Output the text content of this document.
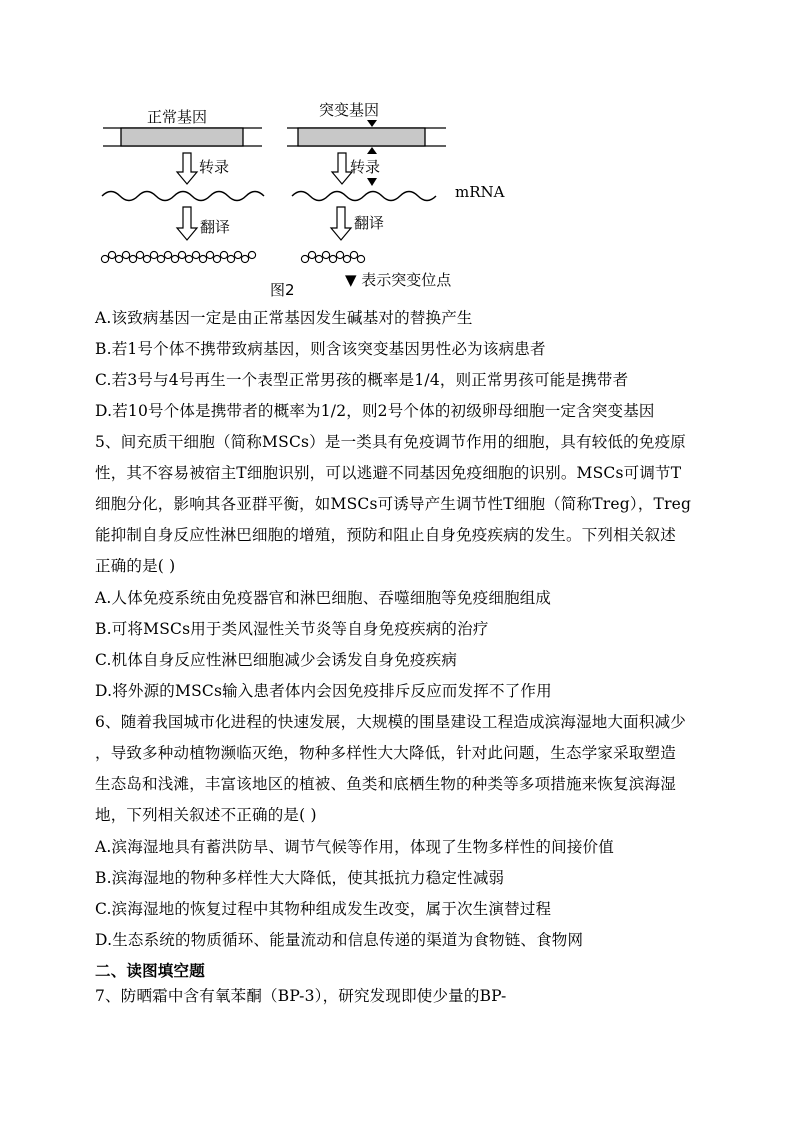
正常基因	突变基因
转录	转录
mRNA
翻译	翻译
图2
▼ 表示突变位点
A.该致病基因一定是由正常基因发生碱基对的替换产生
B.若1号个体不携带致病基因，则含该突变基因男性必为该病患者
C.若3号与4号再生一个表型正常男孩的概率是1/4，则正常男孩可能是携带者
D.若10号个体是携带者的概率为1/2，则2号个体的初级卵母细胞一定含突变基因
5、间充质干细胞（简称MSCs）是一类具有免疫调节作用的细胞，具有较低的免疫原
性，其不容易被宿主T细胞识别，可以逃避不同基因免疫细胞的识别。MSCs可调节T
细胞分化，影响其各亚群平衡，如MSCs可诱导产生调节性T细胞（简称Treg），Treg
能抑制自身反应性淋巴细胞的增殖，预防和阻止自身免疫疾病的发生。下列相关叙述
正确的是( )
A.人体免疫系统由免疫器官和淋巴细胞、吞噬细胞等免疫细胞组成
B.可将MSCs用于类风湿性关节炎等自身免疫疾病的治疗
C.机体自身反应性淋巴细胞减少会诱发自身免疫疾病
D.将外源的MSCs输入患者体内会因免疫排斥反应而发挥不了作用
6、随着我国城市化进程的快速发展，大规模的围垦建设工程造成滨海湿地大面积减少
，导致多种动植物濒临灭绝，物种多样性大大降低，针对此问题，生态学家采取塑造
生态岛和浅滩，丰富该地区的植被、鱼类和底栖生物的种类等多项措施来恢复滨海湿
地，下列相关叙述不正确的是( )
A.滨海湿地具有蓄洪防旱、调节气候等作用，体现了生物多样性的间接价值
B.滨海湿地的物种多样性大大降低，使其抵抗力稳定性减弱
C.滨海湿地的恢复过程中其物种组成发生改变，属于次生演替过程
D.生态系统的物质循环、能量流动和信息传递的渠道为食物链、食物网
二、读图填空题
7、防晒霜中含有氧苯酮（BP-3），研究发现即使少量的BP-
